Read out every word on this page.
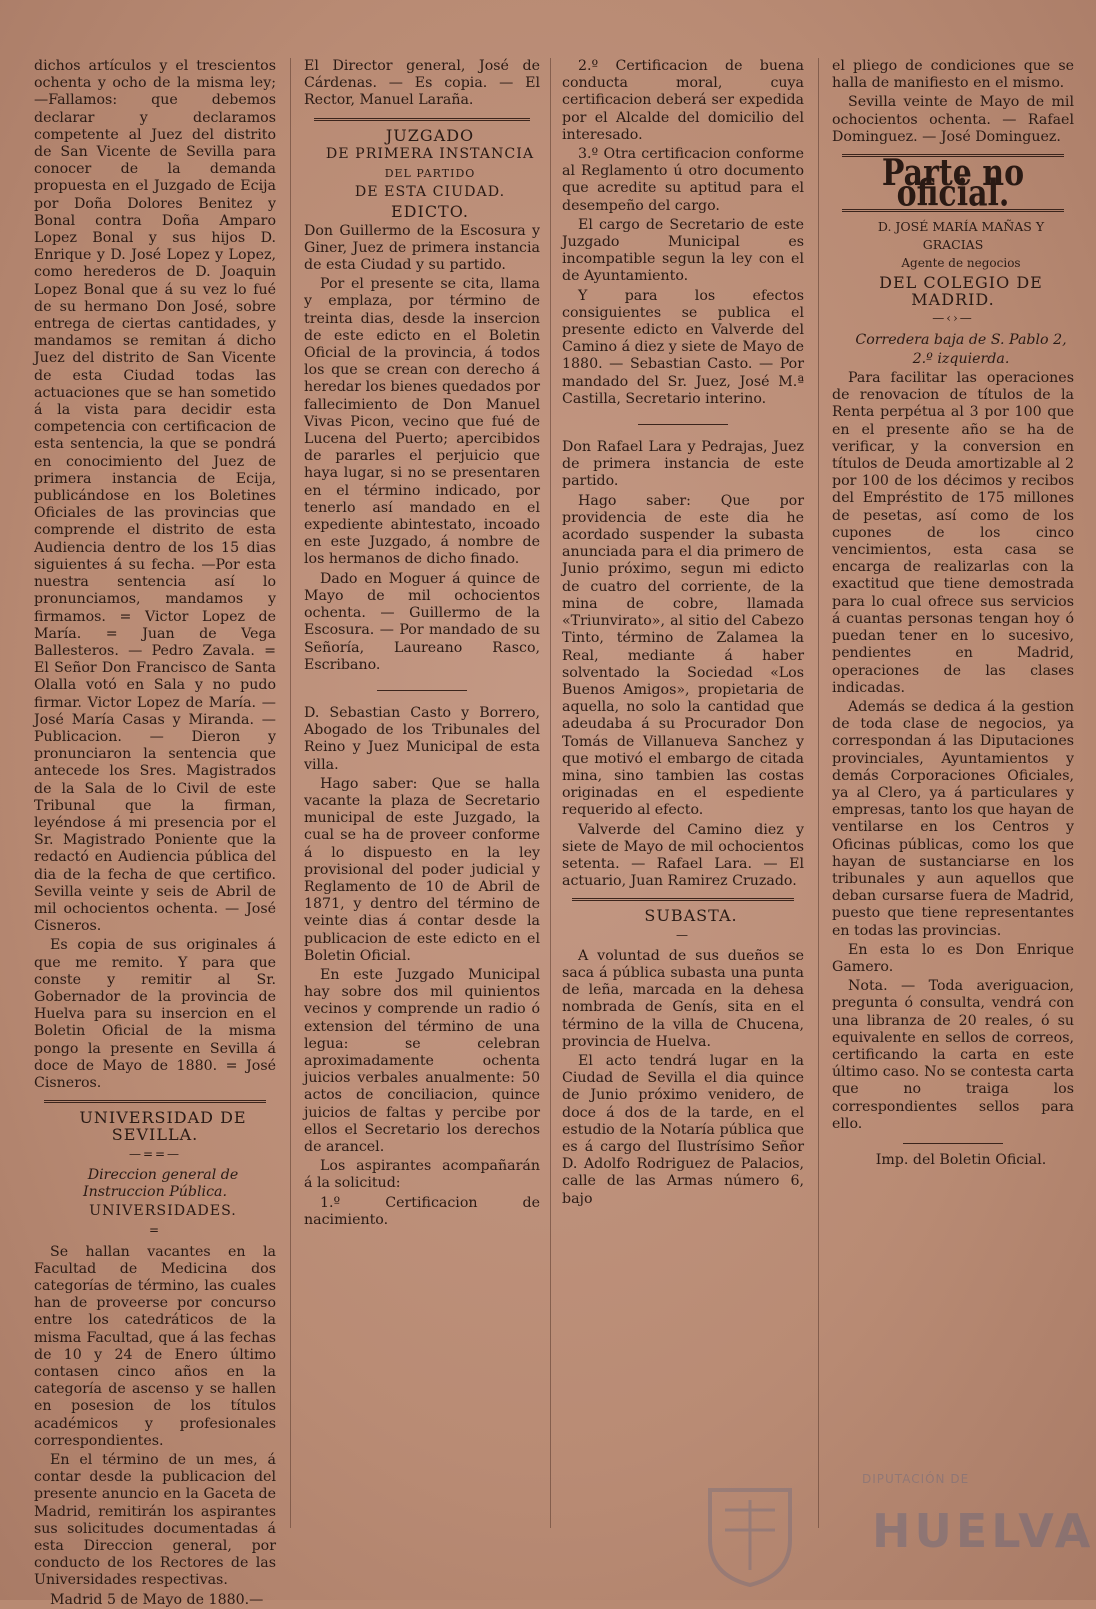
dichos artículos y el trescientos ochenta y ocho de la misma ley; —Fallamos: que debemos declarar y declaramos competente al Juez del distrito de San Vicente de Sevilla para conocer de la demanda propuesta en el Juzgado de Ecija por Doña Dolores Benitez y Bonal contra Doña Amparo Lopez Bonal y sus hijos D. Enrique y D. José Lopez y Lopez, como herederos de D. Joaquin Lopez Bonal que á su vez lo fué de su hermano Don José, sobre entrega de ciertas cantidades, y mandamos se remitan á dicho Juez del distrito de San Vicente de esta Ciudad todas las actuaciones que se han sometido á la vista para decidir esta competencia con certificacion de esta sentencia, la que se pondrá en conocimiento del Juez de primera instancia de Ecija, publicándose en los Boletines Oficiales de las provincias que comprende el distrito de esta Audiencia dentro de los 15 dias siguientes á su fecha. —Por esta nuestra sentencia así lo pronunciamos, mandamos y firmamos. = Victor Lopez de María. = Juan de Vega Ballesteros. — Pedro Zavala. = El Señor Don Francisco de Santa Olalla votó en Sala y no pudo firmar. Victor Lopez de María. — José María Casas y Miranda. — Publicacion. — Dieron y pronunciaron la sentencia que antecede los Sres. Magistrados de la Sala de lo Civil de este Tribunal que la firman, leyéndose á mi presencia por el Sr. Magistrado Poniente que la redactó en Audiencia pública del dia de la fecha de que certifico. Sevilla veinte y seis de Abril de mil ochocientos ochenta. — José Cisneros.

Es copia de sus originales á que me remito. Y para que conste y remitir al Sr. Gobernador de la provincia de Huelva para su insercion en el Boletin Oficial de la misma pongo la presente en Sevilla á doce de Mayo de 1880. = José Cisneros.

UNIVERSIDAD DE SEVILLA.

—==—

Direccion general de Instruccion Pública.

UNIVERSIDADES.

=

Se hallan vacantes en la Facultad de Medicina dos categorías de término, las cuales han de proveerse por concurso entre los catedráticos de la misma Facultad, que á las fechas de 10 y 24 de Enero último contasen cinco años en la categoría de ascenso y se hallen en posesion de los títulos académicos y profesionales correspondientes.

En el término de un mes, á contar desde la publicacion del presente anuncio en la Gaceta de Madrid, remitirán los aspirantes sus solicitudes documentadas á esta Direccion general, por conducto de los Rectores de las Universidades respectivas.

Madrid 5 de Mayo de 1880.—

El Director general, José de Cárdenas. — Es copia. — El Rector, Manuel Laraña.

JUZGADO

DE PRIMERA INSTANCIA

DEL PARTIDO

DE ESTA CIUDAD.

EDICTO.

Don Guillermo de la Escosura y Giner, Juez de primera instancia de esta Ciudad y su partido.

Por el presente se cita, llama y emplaza, por término de treinta dias, desde la insercion de este edicto en el Boletin Oficial de la provincia, á todos los que se crean con derecho á heredar los bienes quedados por fallecimiento de Don Manuel Vivas Picon, vecino que fué de Lucena del Puerto; apercibidos de pararles el perjuicio que haya lugar, si no se presentaren en el término indicado, por tenerlo así mandado en el expediente abintestato, incoado en este Juzgado, á nombre de los hermanos de dicho finado.

Dado en Moguer á quince de Mayo de mil ochocientos ochenta. — Guillermo de la Escosura. — Por mandado de su Señoría, Laureano Rasco, Escribano.

D. Sebastian Casto y Borrero, Abogado de los Tribunales del Reino y Juez Municipal de esta villa.

Hago saber: Que se halla vacante la plaza de Secretario municipal de este Juzgado, la cual se ha de proveer conforme á lo dispuesto en la ley provisional del poder judicial y Reglamento de 10 de Abril de 1871, y dentro del término de veinte dias á contar desde la publicacion de este edicto en el Boletin Oficial.

En este Juzgado Municipal hay sobre dos mil quinientos vecinos y comprende un radio ó extension del término de una legua: se celebran aproximadamente ochenta juicios verbales anualmente: 50 actos de conciliacion, quince juicios de faltas y percibe por ellos el Secretario los derechos de arancel.

Los aspirantes acompañarán á la solicitud:

1.º Certificacion de nacimiento.

2.º Certificacion de buena conducta moral, cuya certificacion deberá ser expedida por el Alcalde del domicilio del interesado.

3.º Otra certificacion conforme al Reglamento ú otro documento que acredite su aptitud para el desempeño del cargo.

El cargo de Secretario de este Juzgado Municipal es incompatible segun la ley con el de Ayuntamiento.

Y para los efectos consiguientes se publica el presente edicto en Valverde del Camino á diez y siete de Mayo de 1880. — Sebastian Casto. — Por mandado del Sr. Juez, José M.ª Castilla, Secretario interino.

Don Rafael Lara y Pedrajas, Juez de primera instancia de este partido.

Hago saber: Que por providencia de este dia he acordado suspender la subasta anunciada para el dia primero de Junio próximo, segun mi edicto de cuatro del corriente, de la mina de cobre, llamada «Triunvirato», al sitio del Cabezo Tinto, término de Zalamea la Real, mediante á haber solventado la Sociedad «Los Buenos Amigos», propietaria de aquella, no solo la cantidad que adeudaba á su Procurador Don Tomás de Villanueva Sanchez y que motivó el embargo de citada mina, sino tambien las costas originadas en el espediente requerido al efecto.

Valverde del Camino diez y siete de Mayo de mil ochocientos setenta. — Rafael Lara. — El actuario, Juan Ramirez Cruzado.

SUBASTA.

—

A voluntad de sus dueños se saca á pública subasta una punta de leña, marcada en la dehesa nombrada de Genís, sita en el término de la villa de Chucena, provincia de Huelva.

El acto tendrá lugar en la Ciudad de Sevilla el dia quince de Junio próximo venidero, de doce á dos de la tarde, en el estudio de la Notaría pública que es á cargo del Ilustrísimo Señor D. Adolfo Rodriguez de Palacios, calle de las Armas número 6, bajo

el pliego de condiciones que se halla de manifiesto en el mismo.

Sevilla veinte de Mayo de mil ochocientos ochenta. — Rafael Dominguez. — José Dominguez.

Parte no oficial.

D. JOSÉ MARÍA MAÑAS Y GRACIAS

Agente de negocios

DEL COLEGIO DE MADRID.

—‹›—

Corredera baja de S. Pablo 2,

2.º izquierda.

Para facilitar las operaciones de renovacion de títulos de la Renta perpétua al 3 por 100 que en el presente año se ha de verificar, y la conversion en títulos de Deuda amortizable al 2 por 100 de los décimos y recibos del Empréstito de 175 millones de pesetas, así como de los cupones de los cinco vencimientos, esta casa se encarga de realizarlas con la exactitud que tiene demostrada para lo cual ofrece sus servicios á cuantas personas tengan hoy ó puedan tener en lo sucesivo, pendientes en Madrid, operaciones de las clases indicadas.

Además se dedica á la gestion de toda clase de negocios, ya correspondan á las Diputaciones provinciales, Ayuntamientos y demás Corporaciones Oficiales, ya al Clero, ya á particulares y empresas, tanto los que hayan de ventilarse en los Centros y Oficinas públicas, como los que hayan de sustanciarse en los tribunales y aun aquellos que deban cursarse fuera de Madrid, puesto que tiene representantes en todas las provincias.

En esta lo es Don Enrique Gamero.

Nota. — Toda averiguacion, pregunta ó consulta, vendrá con una libranza de 20 reales, ó su equivalente en sellos de correos, certificando la carta en este último caso. No se contesta carta que no traiga los correspondientes sellos para ello.

Imp. del Boletin Oficial.

DIPUTACIÓN DE
HUELVA
